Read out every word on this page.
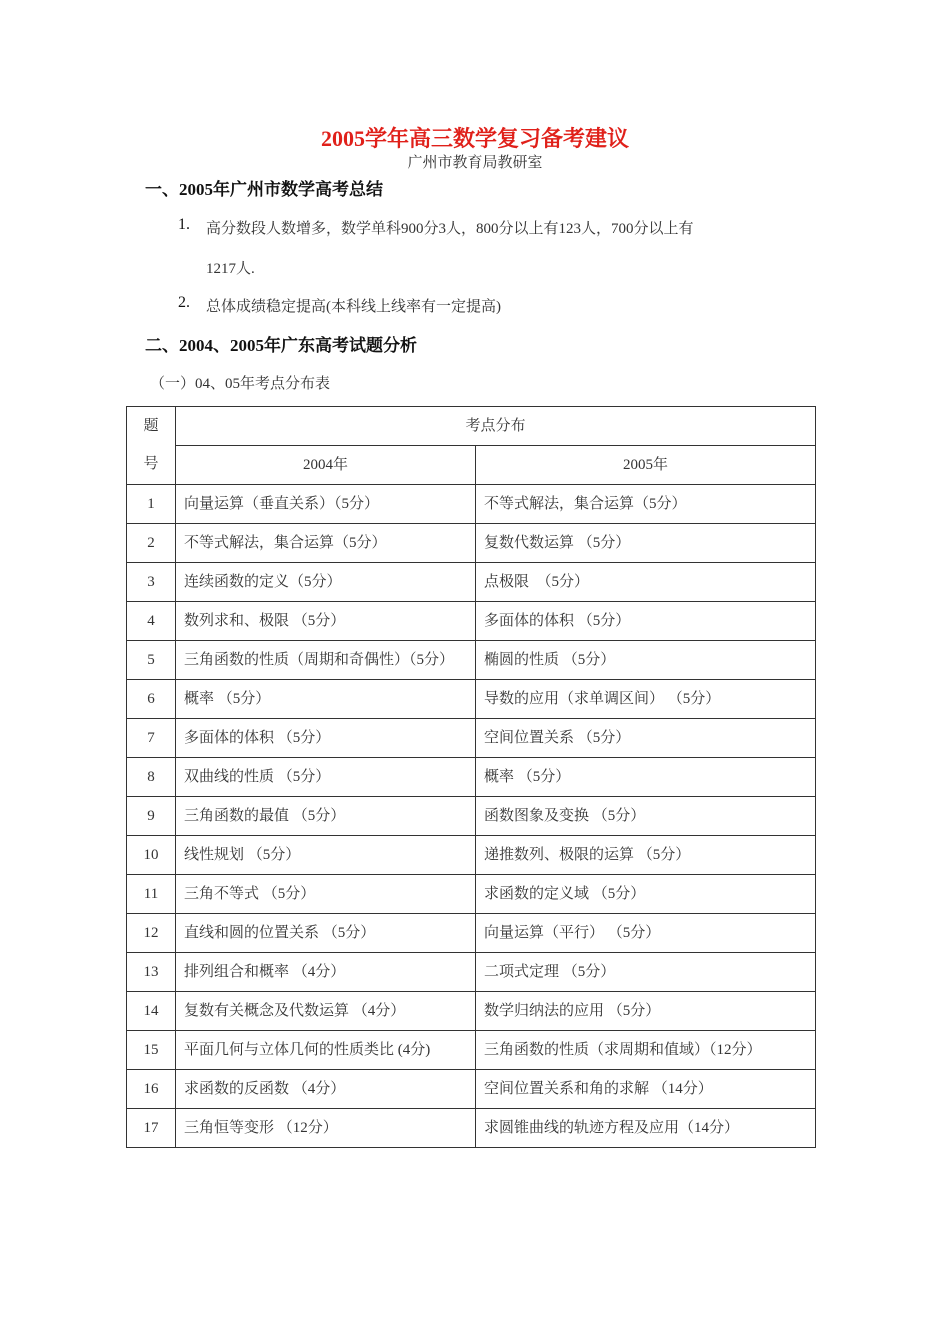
2005学年高三数学复习备考建议
广州市教育局教研室
一、2005年广州市数学高考总结
1.	高分数段人数增多，数学单科900分3人，800分以上有123人，700分以上有
1217人.
2.	总体成绩稳定提高(本科线上线率有一定提高)
二、2004、2005年广东高考试题分析
（一）04、05年考点分布表
题
号	考点分布	
	2004年	2005年
1	向量运算（垂直关系）（5分）	不等式解法，集合运算（5分）
2	不等式解法，集合运算（5分）	复数代数运算 （5分）
3	连续函数的定义（5分）	点极限　（5分）
4	数列求和、极限 （5分）	多面体的体积 （5分）
5	三角函数的性质（周期和奇偶性）（5分）	椭圆的性质 （5分）
6	概率 （5分）	导数的应用（求单调区间） （5分）
7	多面体的体积 （5分）	空间位置关系 （5分）
8	双曲线的性质 （5分）	概率 （5分）
9	三角函数的最值 （5分）	函数图象及变换 （5分）
10	线性规划 （5分）	递推数列、极限的运算 （5分）
11	三角不等式 （5分）	求函数的定义域 （5分）
12	直线和圆的位置关系 （5分）	向量运算（平行） （5分）
13	排列组合和概率 （4分）	二项式定理 （5分）
14	复数有关概念及代数运算 （4分）	数学归纳法的应用 （5分）
15	平面几何与立体几何的性质类比 (4分)	三角函数的性质（求周期和值域）（12分）
16	求函数的反函数 （4分）	空间位置关系和角的求解 （14分）
17	三角恒等变形 （12分）	求圆锥曲线的轨迹方程及应用（14分）
